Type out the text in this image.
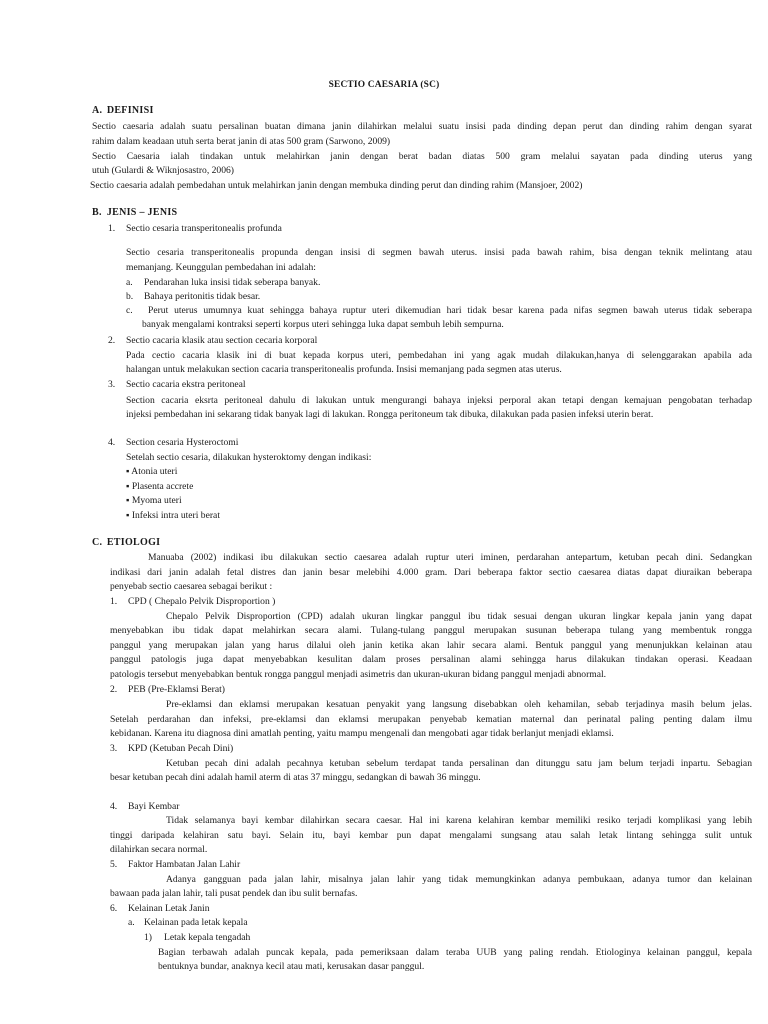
SECTIO CAESARIA (SC)
A. DEFINISI
Sectio caesaria adalah suatu persalinan buatan dimana janin dilahirkan melalui suatu insisi pada dinding depan perut dan dinding rahim dengan syarat
rahim dalam keadaan utuh serta berat janin di atas 500 gram (Sarwono, 2009)
Sectio Caesaria ialah tindakan untuk melahirkan janin dengan berat badan diatas 500 gram melalui sayatan pada dinding uterus yang
utuh (Gulardi & Wiknjosastro, 2006)
Sectio caesaria adalah pembedahan untuk melahirkan janin dengan membuka dinding perut dan dinding rahim (Mansjoer, 2002)
B. JENIS – JENIS
1.	Sectio cesaria transperitonealis profunda
Sectio cesaria transperitonealis propunda dengan insisi di segmen bawah uterus. insisi pada bawah rahim, bisa dengan teknik melintang atau
memanjang. Keunggulan pembedahan ini adalah:
a.	Pendarahan luka insisi tidak seberapa banyak.
b.	Bahaya peritonitis tidak besar.
c.	Perut uterus umumnya kuat sehingga bahaya ruptur uteri dikemudian hari tidak besar karena pada nifas segmen bawah uterus tidak seberapa
banyak mengalami kontraksi seperti korpus uteri sehingga luka dapat sembuh lebih sempurna.
2.	Sectio cacaria klasik atau section cecaria korporal
Pada cectio cacaria klasik ini di buat kepada korpus uteri, pembedahan ini yang agak mudah dilakukan,hanya di selenggarakan apabila ada
halangan untuk melakukan section cacaria transperitonealis profunda. Insisi memanjang pada segmen atas uterus.
3.	Sectio cacaria ekstra peritoneal
Section cacaria eksrta peritoneal dahulu di lakukan untuk mengurangi bahaya injeksi perporal akan tetapi dengan kemajuan pengobatan terhadap
injeksi pembedahan ini sekarang tidak banyak lagi di lakukan. Rongga peritoneum tak dibuka, dilakukan pada pasien infeksi uterin berat.
4.	Section cesaria Hysteroctomi
Setelah sectio cesaria, dilakukan hysteroktomy dengan indikasi:
▪ Atonia uteri
▪ Plasenta accrete
▪ Myoma uteri
▪ Infeksi intra uteri berat
C. ETIOLOGI
Manuaba (2002) indikasi ibu dilakukan sectio caesarea adalah ruptur uteri iminen, perdarahan antepartum, ketuban pecah dini. Sedangkan
indikasi dari janin adalah fetal distres dan janin besar melebihi 4.000 gram. Dari beberapa faktor sectio caesarea diatas dapat diuraikan beberapa
penyebab sectio caesarea sebagai berikut :
1.	CPD ( Chepalo Pelvik Disproportion )
Chepalo Pelvik Disproportion (CPD) adalah ukuran lingkar panggul ibu tidak sesuai dengan ukuran lingkar kepala janin yang dapat
menyebabkan ibu tidak dapat melahirkan secara alami. Tulang-tulang panggul merupakan susunan beberapa tulang yang membentuk rongga
panggul yang merupakan jalan yang harus dilalui oleh janin ketika akan lahir secara alami. Bentuk panggul yang menunjukkan kelainan atau
panggul patologis juga dapat menyebabkan kesulitan dalam proses persalinan alami sehingga harus dilakukan tindakan operasi. Keadaan
patologis tersebut menyebabkan bentuk rongga panggul menjadi asimetris dan ukuran-ukuran bidang panggul menjadi abnormal.
2.	PEB (Pre-Eklamsi Berat)
Pre-eklamsi dan eklamsi merupakan kesatuan penyakit yang langsung disebabkan oleh kehamilan, sebab terjadinya masih belum jelas.
Setelah perdarahan dan infeksi, pre-eklamsi dan eklamsi merupakan penyebab kematian maternal dan perinatal paling penting dalam ilmu
kebidanan. Karena itu diagnosa dini amatlah penting, yaitu mampu mengenali dan mengobati agar tidak berlanjut menjadi eklamsi.
3.	KPD (Ketuban Pecah Dini)
Ketuban pecah dini adalah pecahnya ketuban sebelum terdapat tanda persalinan dan ditunggu satu jam belum terjadi inpartu. Sebagian
besar ketuban pecah dini adalah hamil aterm di atas 37 minggu, sedangkan di bawah 36 minggu.
4.	Bayi Kembar
Tidak selamanya bayi kembar dilahirkan secara caesar. Hal ini karena kelahiran kembar memiliki resiko terjadi komplikasi yang lebih
tinggi daripada kelahiran satu bayi. Selain itu, bayi kembar pun dapat mengalami sungsang atau salah letak lintang sehingga sulit untuk
dilahirkan secara normal.
5.	Faktor Hambatan Jalan Lahir
Adanya gangguan pada jalan lahir, misalnya jalan lahir yang tidak memungkinkan adanya pembukaan, adanya tumor dan kelainan
bawaan pada jalan lahir, tali pusat pendek dan ibu sulit bernafas.
6.	Kelainan Letak Janin
a. Kelainan pada letak kepala
1)	Letak kepala tengadah
Bagian terbawah adalah puncak kepala, pada pemeriksaan dalam teraba UUB yang paling rendah. Etiologinya kelainan panggul, kepala
bentuknya bundar, anaknya kecil atau mati, kerusakan dasar panggul.
